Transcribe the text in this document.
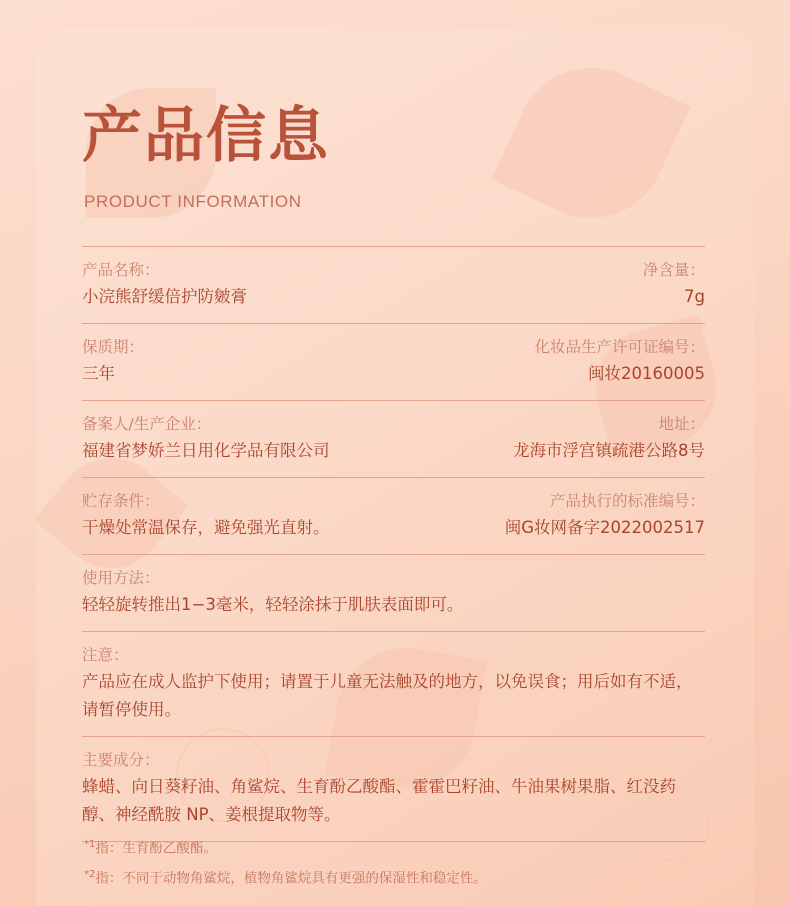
产品信息
PRODUCT INFORMATION
产品名称：
小浣熊舒缓倍护防皴膏
净含量：
7g
保质期：
三年
化妆品生产许可证编号：
闽妆20160005
备案人/生产企业：
福建省梦娇兰日用化学品有限公司
地址：
龙海市浮宫镇疏港公路8号
贮存条件：
干燥处常温保存，避免强光直射。
产品执行的标准编号：
闽G妆网备字2022002517
使用方法：
轻轻旋转推出1−3毫米，轻轻涂抹于肌肤表面即可。
注意：
产品应在成人监护下使用；请置于儿童无法触及的地方，以免误食；用后如有不适，请暂停使用。
主要成分：
蜂蜡、向日葵籽油、角鲨烷、生育酚乙酸酯、霍霍巴籽油、牛油果树果脂、红没药醇、神经酰胺 NP、姜根提取物等。
$^{*1}$指：生育酚乙酸酯。
$^{*2}$指：不同于动物角鲨烷，植物角鲨烷具有更强的保湿性和稳定性。
